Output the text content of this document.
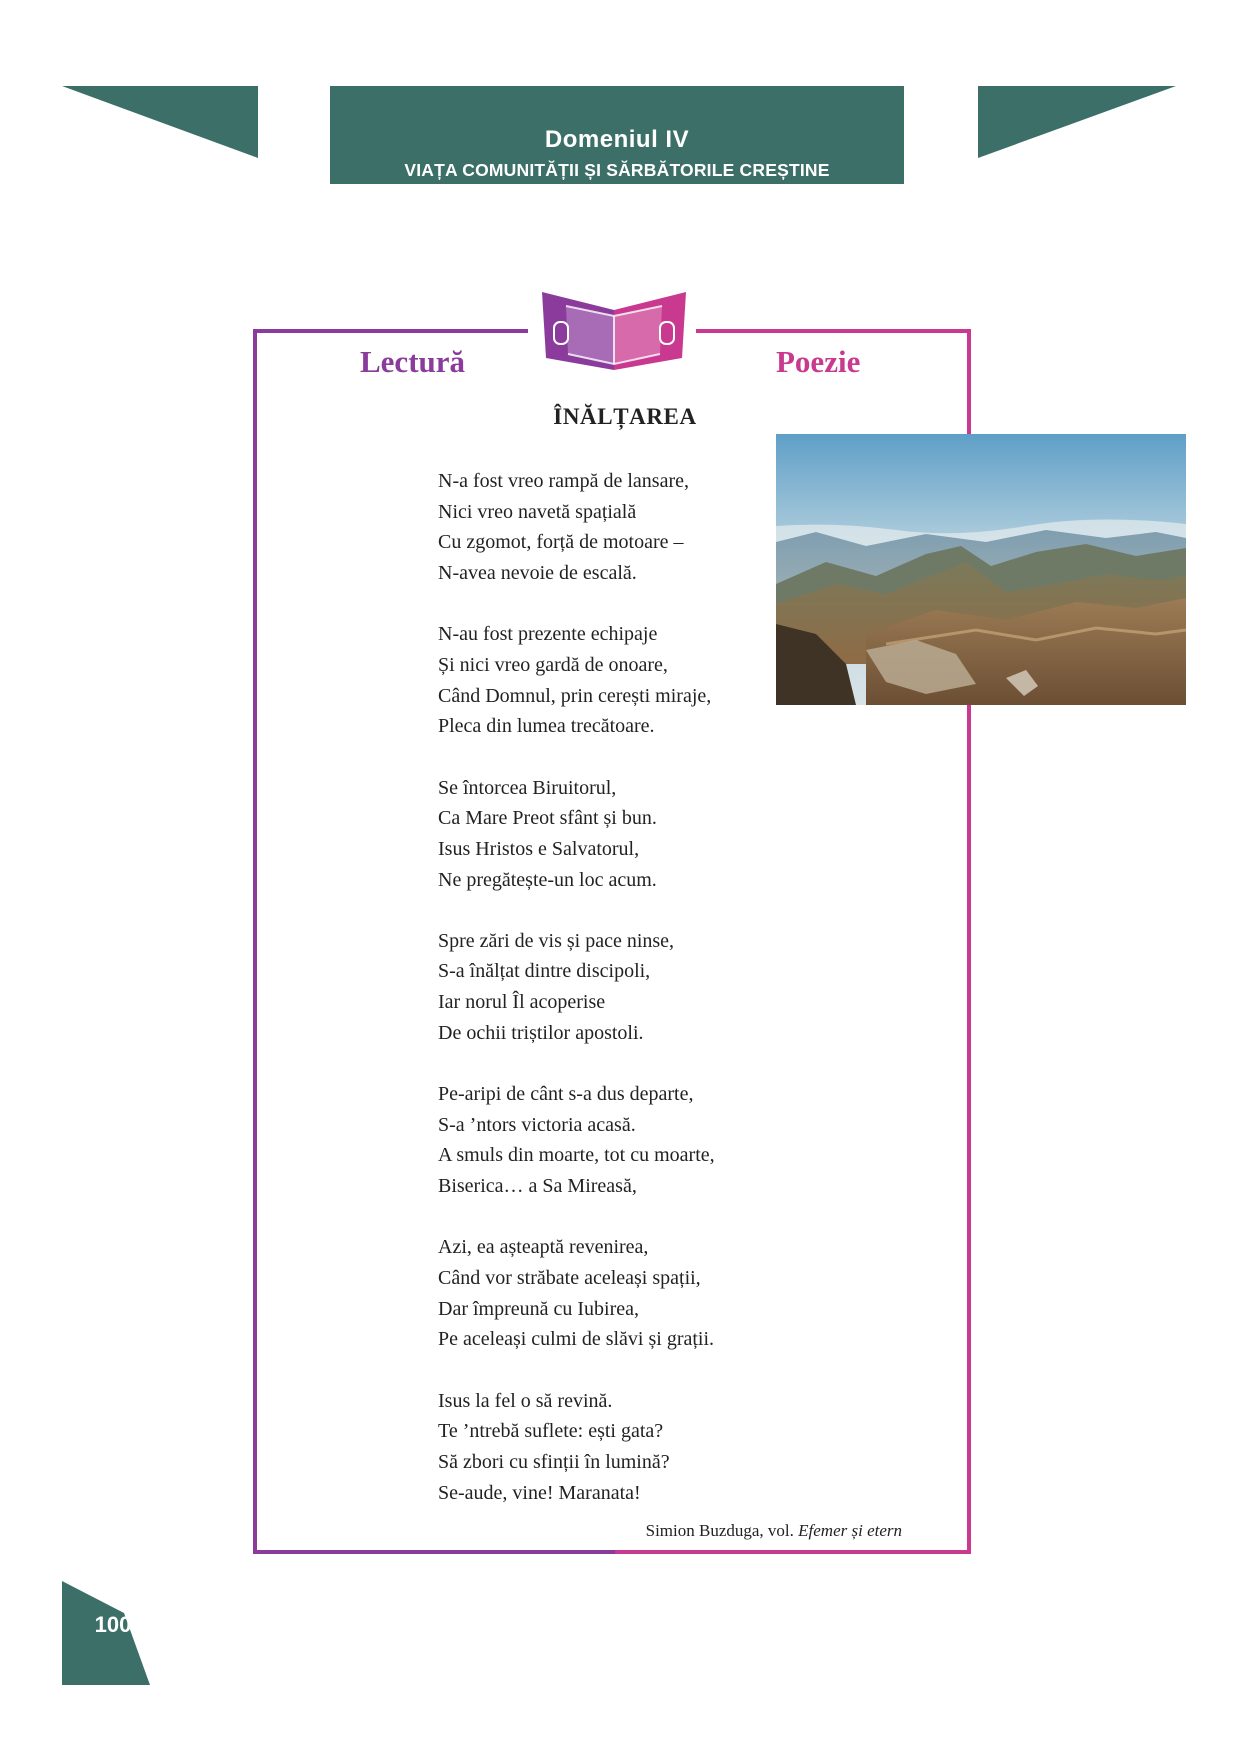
Domeniul IV
VIAȚA COMUNITĂȚII ȘI SĂRBĂTORILE CREȘTINE
Lectură	Poezie
ÎNĂLȚAREA
N-a fost vreo rampă de lansare,
Nici vreo navetă spațială
Cu zgomot, forță de motoare –
N-avea nevoie de escală.
N-au fost prezente echipaje
Și nici vreo gardă de onoare,
Când Domnul, prin cerești miraje,
Pleca din lumea trecătoare.
Se întorcea Biruitorul,
Ca Mare Preot sfânt și bun.
Isus Hristos e Salvatorul,
Ne pregătește-un loc acum.
Spre zări de vis și pace ninse,
S-a înălțat dintre discipoli,
Iar norul Îl acoperise
De ochii triștilor apostoli.
Pe-aripi de cânt s-a dus departe,
S-a ’ntors victoria acasă.
A smuls din moarte, tot cu moarte,
Biserica… a Sa Mireasă,
Azi, ea așteaptă revenirea,
Când vor străbate aceleași spații,
Dar împreună cu Iubirea,
Pe aceleași culmi de slăvi și grații.
Isus la fel o să revină.
Te ’ntrebă suflete: ești gata?
Să zbori cu sfinții în lumină?
Se-aude, vine! Maranata!
Simion Buzduga, vol. Efemer și etern
100
